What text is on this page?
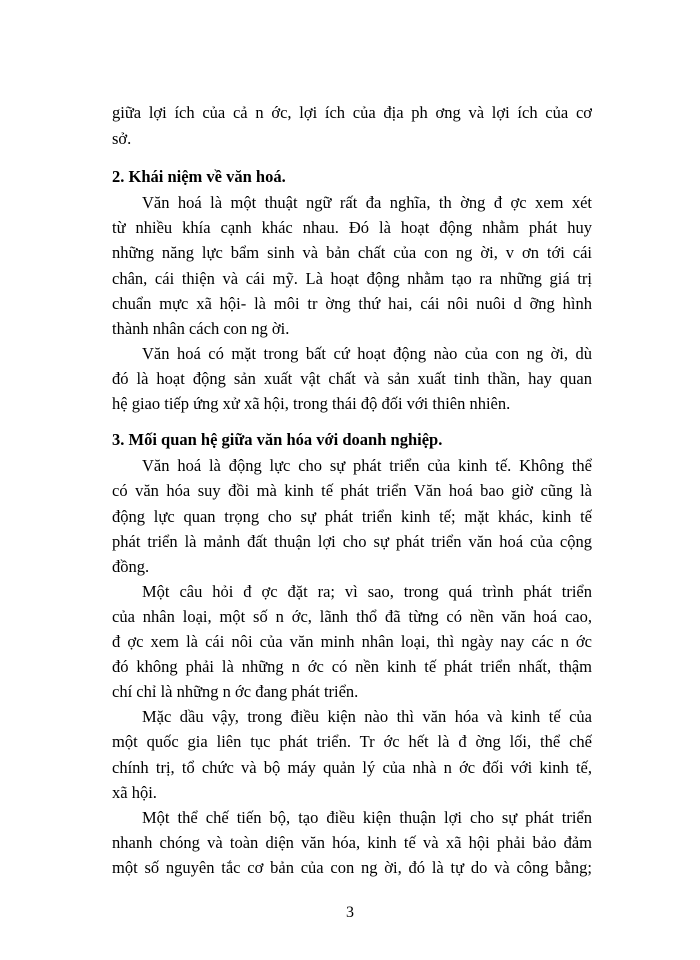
giữa lợi ích của cả n ớc, lợi ích của địa ph ơng và lợi ích của cơ
sở.
2. Khái niệm về văn hoá.
Văn hoá là một thuật ngữ rất đa nghĩa, th ờng đ ợc xem xét
từ nhiều khía cạnh khác nhau. Đó là hoạt động nhằm phát huy
những năng lực bẩm sinh và bản chất của con ng ời, v ơn tới cái
chân, cái thiện và cái mỹ. Là hoạt động nhằm tạo ra những giá trị
chuẩn mực xã hội- là môi tr ờng thứ hai, cái nôi nuôi d ỡng hình
thành nhân cách con ng ời.
Văn hoá có mặt trong bất cứ hoạt động nào của con ng ời, dù
đó là hoạt động sản xuất vật chất và sản xuất tinh thần, hay quan
hệ giao tiếp ứng xử xã hội, trong thái độ đối với thiên nhiên.
3. Mối quan hệ giữa văn hóa với doanh nghiệp.
Văn hoá là động lực cho sự phát triển của kinh tế. Không thể
có văn hóa suy đồi mà kinh tế phát triển Văn hoá bao giờ cũng là
động lực quan trọng cho sự phát triển kinh tế; mặt khác, kinh tế
phát triển là mảnh đất thuận lợi cho sự phát triển văn hoá của cộng
đồng.
Một câu hỏi đ ợc đặt ra; vì sao, trong quá trình phát triển
của nhân loại, một số n ớc, lãnh thổ đã từng có nền văn hoá cao,
đ ợc xem là cái nôi của văn minh nhân loại, thì ngày nay các n ớc
đó không phải là những n ớc có nền kinh tế phát triển nhất, thậm
chí chỉ là những n ớc đang phát triển.
Mặc dầu vậy, trong điều kiện nào thì văn hóa và kinh tế của
một quốc gia liên tục phát triển. Tr ớc hết là đ ờng lối, thể chế
chính trị, tổ chức và bộ máy quản lý của nhà n ớc đối với kinh tế,
xã hội.
Một thể chế tiến bộ, tạo điều kiện thuận lợi cho sự phát triển
nhanh chóng và toàn diện văn hóa, kinh tế và xã hội phải bảo đảm
một số nguyên tắc cơ bản của con ng ời, đó là tự do và công bằng;
3
